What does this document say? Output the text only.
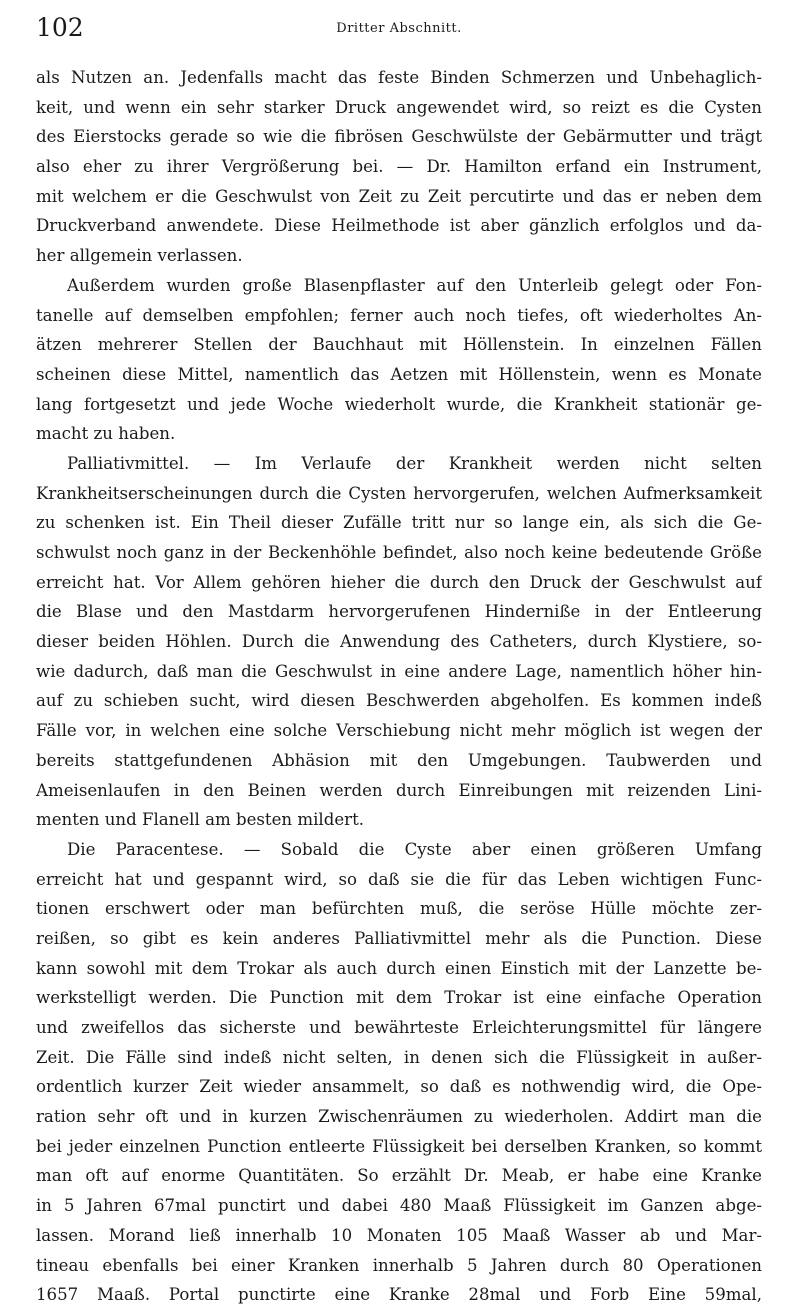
102	Dritter Abschnitt.
als Nutzen an. Jedenfalls macht das feste Binden Schmerzen und Unbehaglich-
keit, und wenn ein sehr starker Druck angewendet wird, so reizt es die Cysten
des Eierstocks gerade so wie die fibrösen Geschwülste der Gebärmutter und trägt
also eher zu ihrer Vergrößerung bei. — Dr. Hamilton erfand ein Instrument,
mit welchem er die Geschwulst von Zeit zu Zeit percutirte und das er neben dem
Druckverband anwendete. Diese Heilmethode ist aber gänzlich erfolglos und da-
her allgemein verlassen.
Außerdem wurden große Blasenpflaster auf den Unterleib gelegt oder Fon-
tanelle auf demselben empfohlen; ferner auch noch tiefes, oft wiederholtes An-
ätzen mehrerer Stellen der Bauchhaut mit Höllenstein. In einzelnen Fällen
scheinen diese Mittel, namentlich das Aetzen mit Höllenstein, wenn es Monate
lang fortgesetzt und jede Woche wiederholt wurde, die Krankheit stationär ge-
macht zu haben.
Palliativmittel. — Im Verlaufe der Krankheit werden nicht selten
Krankheitserscheinungen durch die Cysten hervorgerufen, welchen Aufmerksamkeit
zu schenken ist. Ein Theil dieser Zufälle tritt nur so lange ein, als sich die Ge-
schwulst noch ganz in der Beckenhöhle befindet, also noch keine bedeutende Größe
erreicht hat. Vor Allem gehören hieher die durch den Druck der Geschwulst auf
die Blase und den Mastdarm hervorgerufenen Hinderniße in der Entleerung
dieser beiden Höhlen. Durch die Anwendung des Catheters, durch Klystiere, so-
wie dadurch, daß man die Geschwulst in eine andere Lage, namentlich höher hin-
auf zu schieben sucht, wird diesen Beschwerden abgeholfen. Es kommen indeß
Fälle vor, in welchen eine solche Verschiebung nicht mehr möglich ist wegen der
bereits stattgefundenen Abhäsion mit den Umgebungen. Taubwerden und
Ameisenlaufen in den Beinen werden durch Einreibungen mit reizenden Lini-
menten und Flanell am besten mildert.
Die Paracentese. — Sobald die Cyste aber einen größeren Umfang
erreicht hat und gespannt wird, so daß sie die für das Leben wichtigen Func-
tionen erschwert oder man befürchten muß, die seröse Hülle möchte zer-
reißen, so gibt es kein anderes Palliativmittel mehr als die Punction. Diese
kann sowohl mit dem Trokar als auch durch einen Einstich mit der Lanzette be-
werkstelligt werden. Die Punction mit dem Trokar ist eine einfache Operation
und zweifellos das sicherste und bewährteste Erleichterungsmittel für längere
Zeit. Die Fälle sind indeß nicht selten, in denen sich die Flüssigkeit in außer-
ordentlich kurzer Zeit wieder ansammelt, so daß es nothwendig wird, die Ope-
ration sehr oft und in kurzen Zwischenräumen zu wiederholen. Addirt man die
bei jeder einzelnen Punction entleerte Flüssigkeit bei derselben Kranken, so kommt
man oft auf enorme Quantitäten. So erzählt Dr. Meab, er habe eine Kranke
in 5 Jahren 67mal punctirt und dabei 480 Maaß Flüssigkeit im Ganzen abge-
lassen. Morand ließ innerhalb 10 Monaten 105 Maaß Wasser ab und Mar-
tineau ebenfalls bei einer Kranken innerhalb 5 Jahren durch 80 Operationen
1657 Maaß. Portal punctirte eine Kranke 28mal und Forb Eine 59mal,
